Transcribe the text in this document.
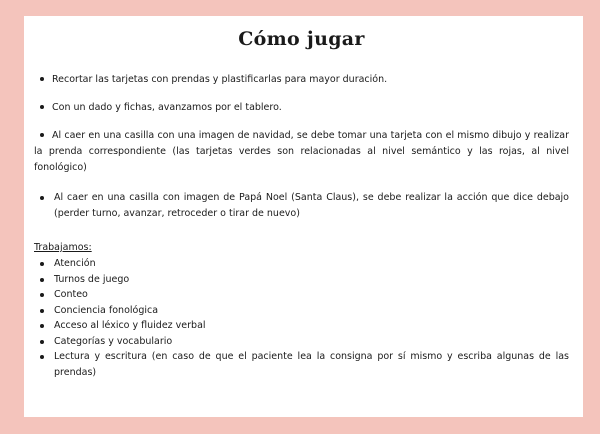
Cómo jugar
Recortar las tarjetas con prendas y plastificarlas para mayor duración.
Con un dado y fichas, avanzamos por el tablero.
Al caer en una casilla con una imagen de navidad, se debe tomar una tarjeta con el mismo dibujo y realizar la prenda correspondiente (las tarjetas verdes son relacionadas al nivel semántico y las rojas, al nivel fonológico)
Al caer en una casilla con imagen de Papá Noel (Santa Claus), se debe realizar la acción que dice debajo (perder turno, avanzar, retroceder o tirar de nuevo)
Trabajamos:
Atención
Turnos de juego
Conteo
Conciencia fonológica
Acceso al léxico y fluidez verbal
Categorías y vocabulario
Lectura y escritura (en caso de que el paciente lea la consigna por sí mismo y escriba algunas de las prendas)
